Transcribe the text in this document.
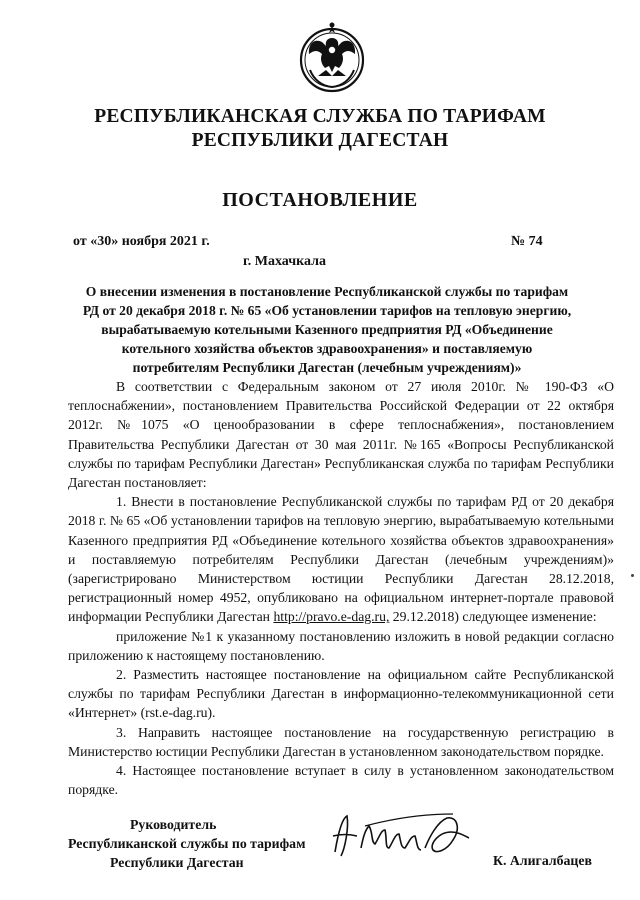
РЕСПУБЛИКАНСКАЯ СЛУЖБА ПО ТАРИФАМ
РЕСПУБЛИКИ ДАГЕСТАН
ПОСТАНОВЛЕНИЕ
от «30» ноября 2021 г.	№ 74
г. Махачкала
О внесении изменения в постановление Республиканской службы по тарифам
РД от 20 декабря 2018 г. № 65 «Об установлении тарифов на тепловую энергию,
вырабатываемую котельными Казенного предприятия РД «Объединение
котельного хозяйства объектов здравоохранения» и поставляемую
потребителям Республики Дагестан (лечебным учреждениям)»

В соответствии с Федеральным законом от 27 июля 2010г. № 190-ФЗ «О теплоснабжении», постановлением Правительства Российской Федерации от 22 октября 2012г. №1075 «О ценообразовании в сфере теплоснабжения», постановлением Правительства Республики Дагестан от 30 мая 2011г. №165 «Вопросы Республиканской службы по тарифам Республики Дагестан» Республиканская служба по тарифам Республики Дагестан постановляет:

1. Внести в постановление Республиканской службы по тарифам РД от 20 декабря 2018 г. № 65 «Об установлении тарифов на тепловую энергию, вырабатываемую котельными Казенного предприятия РД «Объединение котельного хозяйства объектов здравоохранения» и поставляемую потребителям Республики Дагестан (лечебным учреждениям)» (зарегистрировано Министерством юстиции Республики Дагестан 28.12.2018, регистрационный номер 4952, опубликовано на официальном интернет-портале правовой информации Республики Дагестан http://pravo.e-dag.ru, 29.12.2018) следующее изменение:

приложение №1 к указанному постановлению изложить в новой редакции согласно приложению к настоящему постановлению.

2. Разместить настоящее постановление на официальном сайте Республиканской службы по тарифам Республики Дагестан в информационно-телекоммуникационной сети «Интернет» (rst.e-dag.ru).

3. Направить настоящее постановление на государственную регистрацию в Министерство юстиции Республики Дагестан в установленном законодательством порядке.

4. Настоящее постановление вступает в силу в установленном законодательством порядке.

Руководитель
Республиканской службы по тарифам
Республики Дагестан	К. Алигалбацев
